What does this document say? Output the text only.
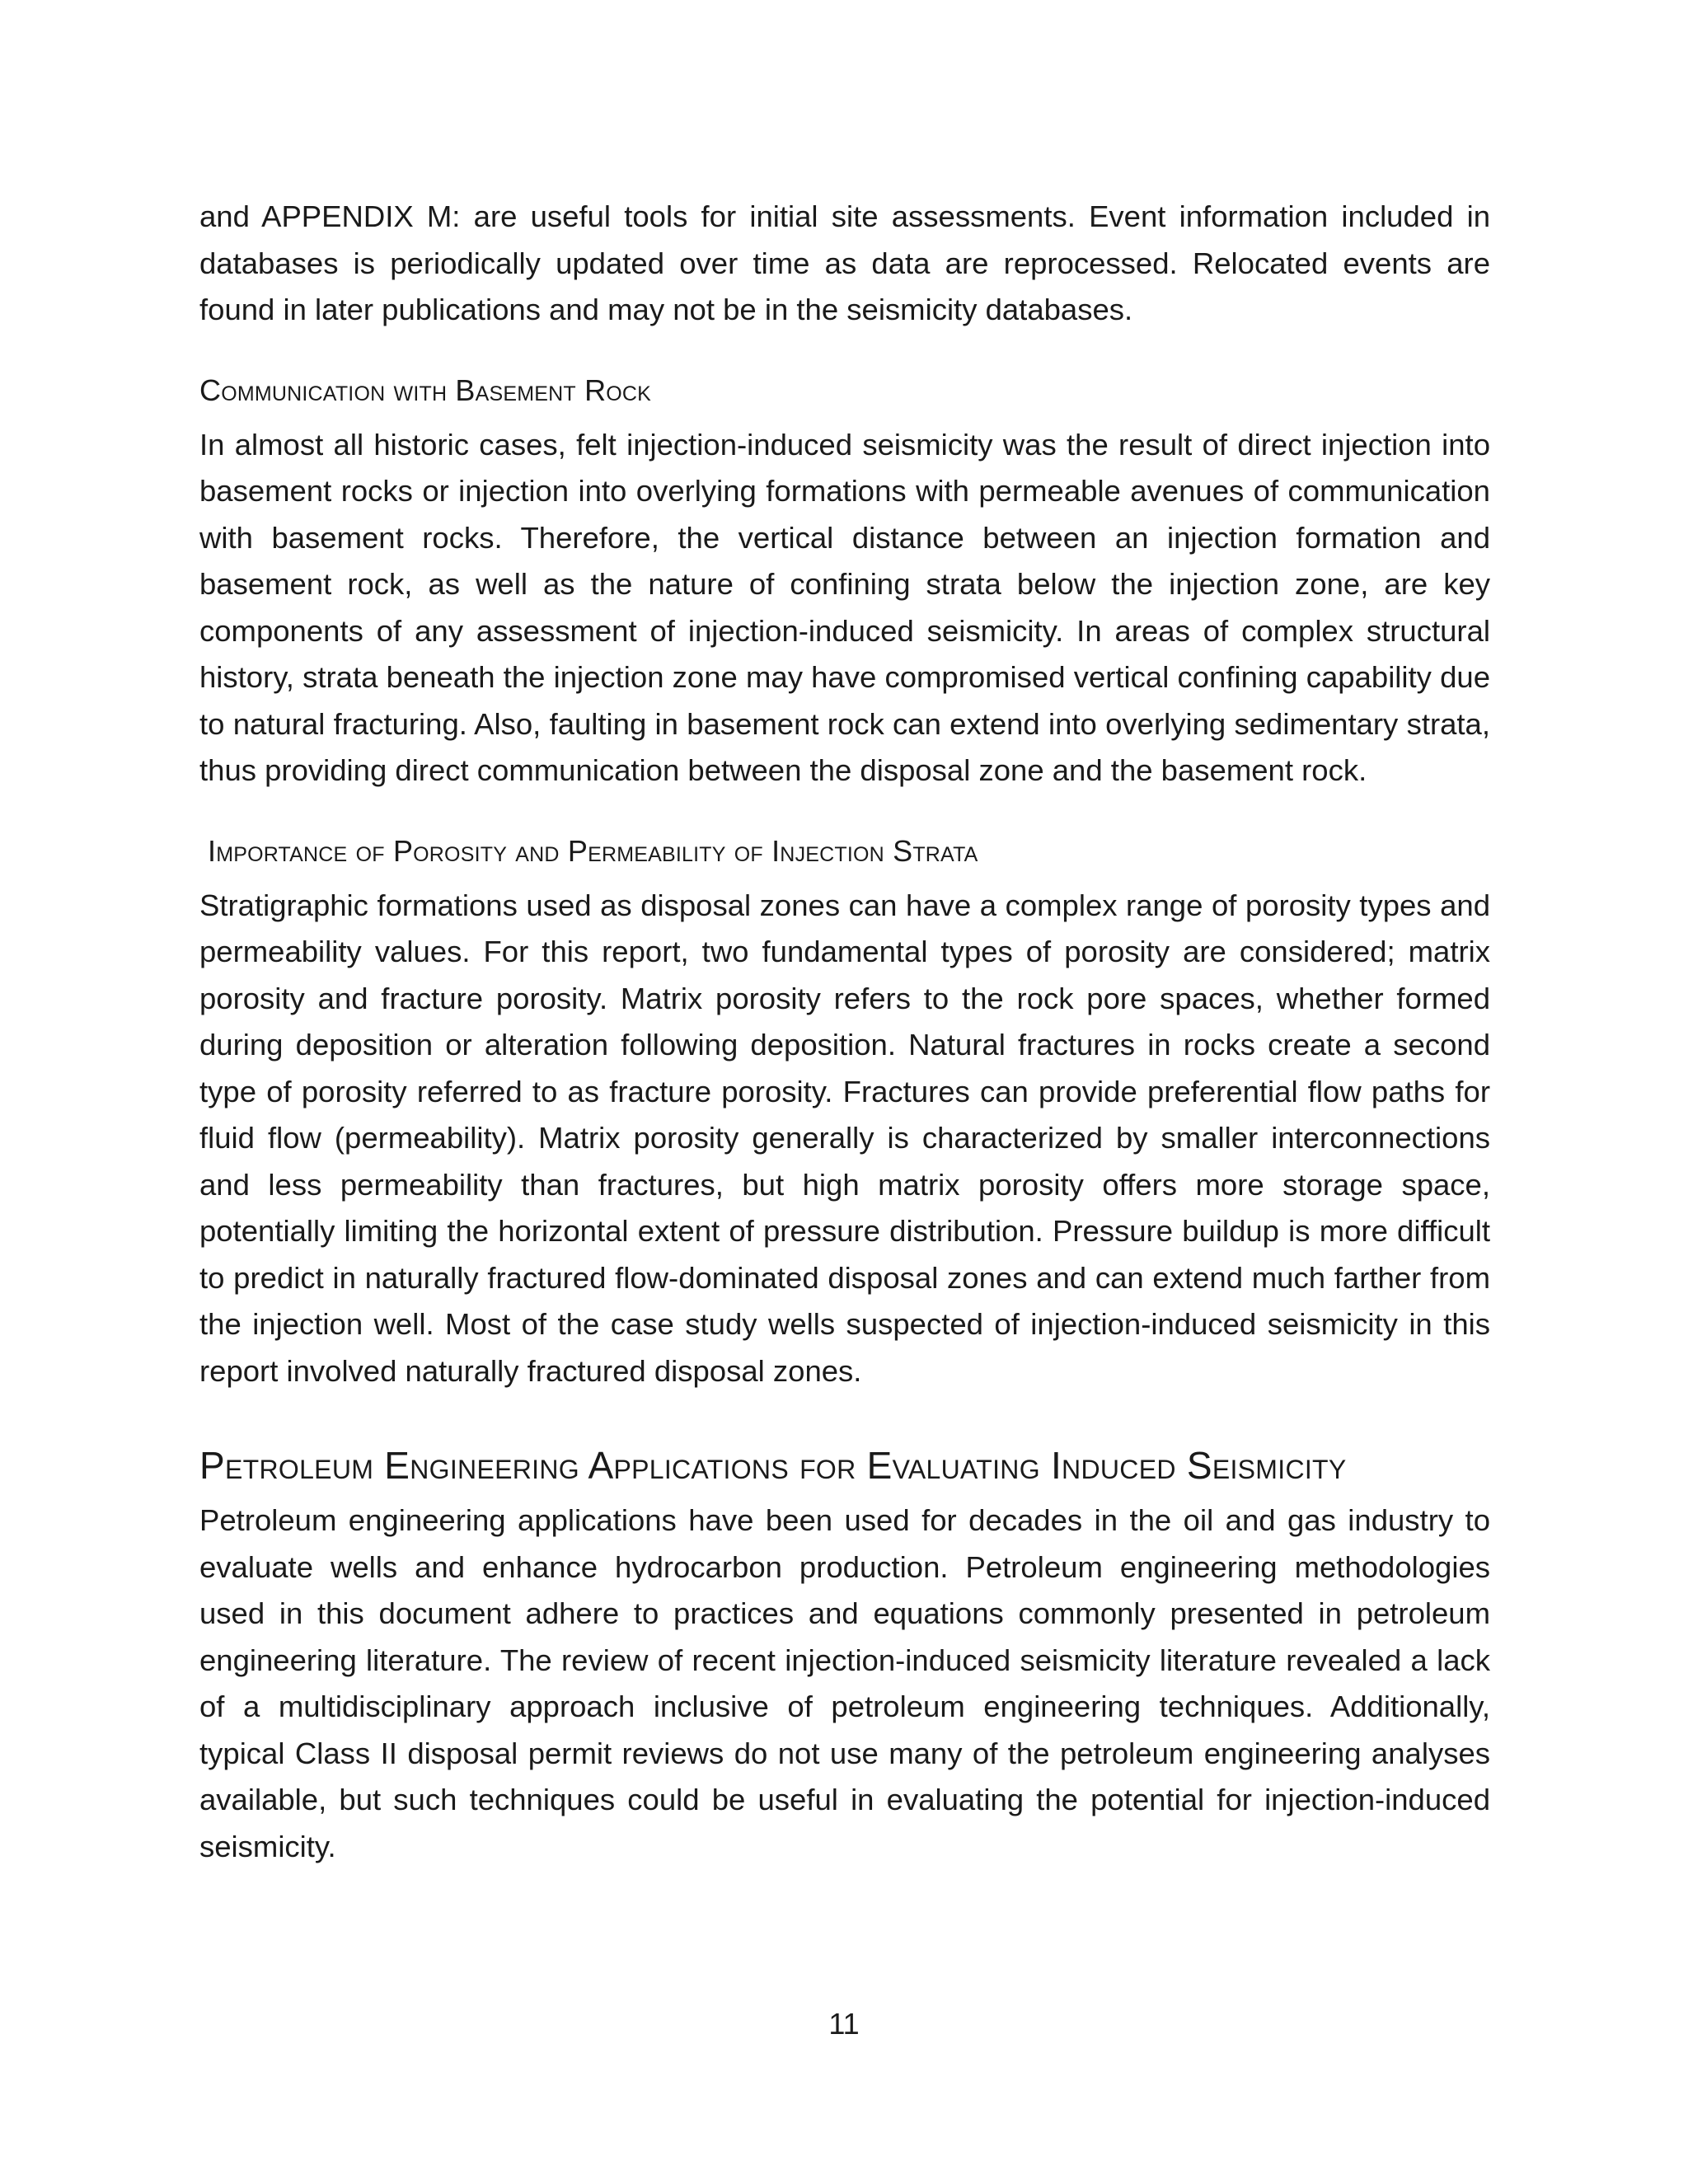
and APPENDIX M: are useful tools for initial site assessments. Event information included in databases is periodically updated over time as data are reprocessed. Relocated events are found in later publications and may not be in the seismicity databases.

Communication with Basement Rock

In almost all historic cases, felt injection-induced seismicity was the result of direct injection into basement rocks or injection into overlying formations with permeable avenues of communication with basement rocks. Therefore, the vertical distance between an injection formation and basement rock, as well as the nature of confining strata below the injection zone, are key components of any assessment of injection-induced seismicity. In areas of complex structural history, strata beneath the injection zone may have compromised vertical confining capability due to natural fracturing. Also, faulting in basement rock can extend into overlying sedimentary strata, thus providing direct communication between the disposal zone and the basement rock.

Importance of Porosity and Permeability of Injection Strata

Stratigraphic formations used as disposal zones can have a complex range of porosity types and permeability values. For this report, two fundamental types of porosity are considered; matrix porosity and fracture porosity. Matrix porosity refers to the rock pore spaces, whether formed during deposition or alteration following deposition. Natural fractures in rocks create a second type of porosity referred to as fracture porosity. Fractures can provide preferential flow paths for fluid flow (permeability). Matrix porosity generally is characterized by smaller interconnections and less permeability than fractures, but high matrix porosity offers more storage space, potentially limiting the horizontal extent of pressure distribution. Pressure buildup is more difficult to predict in naturally fractured flow-dominated disposal zones and can extend much farther from the injection well. Most of the case study wells suspected of injection-induced seismicity in this report involved naturally fractured disposal zones.

Petroleum Engineering Applications for Evaluating Induced Seismicity

Petroleum engineering applications have been used for decades in the oil and gas industry to evaluate wells and enhance hydrocarbon production. Petroleum engineering methodologies used in this document adhere to practices and equations commonly presented in petroleum engineering literature. The review of recent injection-induced seismicity literature revealed a lack of a multidisciplinary approach inclusive of petroleum engineering techniques. Additionally, typical Class II disposal permit reviews do not use many of the petroleum engineering analyses available, but such techniques could be useful in evaluating the potential for injection-induced seismicity.

11
